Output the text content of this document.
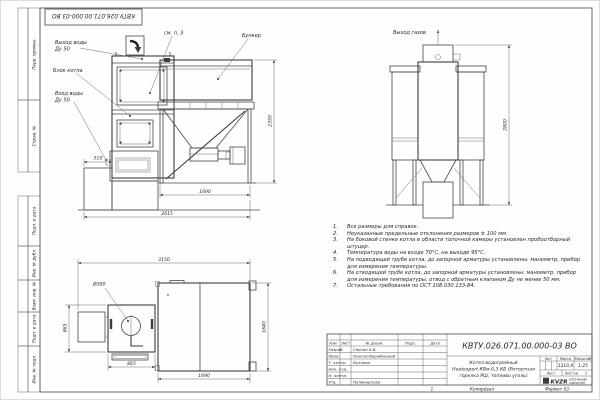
Перв. примен.
Справ. №
Подп. и дата
Инв. № дубл.
Взам. инв. №
Подп. и дата
Инв. № подл.
КВТУ.026.071.00.000-03 ВО
КВТУ.026.071.00.000-03 ВО
Котел водогрейный
Heatexpert-КВм-0,3 КБ (Ретортная
горелка РШ, топливо уголь)
Изм. Лист	№ докум.	Подп.	Дата
Разраб. Сергин А.В.
Пров.	Онегов-Вержбицкий
Т. контр. Осечкин
Нач. отд.
Н. контр.
Утв.	Поликарпова
Лит. Масса Масштаб
1210,9 1:25
Лист Листов 1
KVZR КОТЕЛЬНЫЙ
ЗАВОД РЭП
1	Копировал	Формат А3
510
1690
2615
2350
Выход воды
Ду 50
Блок котла
Вход воды
Ду 50
см. п. 3	Бункер
2800
Выход газов
3150
Ø300
865
865
1690
1640
Все размеры для справок.
Неуказанные предельные отклонения размеров ± 100 мм.
На боковой стенке котла в области топочной камеры установлен пробоотборный штуцер.
Температура воды на входе 70°С, на выходе 95°С.
На подводящей трубе котла, до запорной арматуры установлены: манометр, прибор для измерения температуры.
На отводящей трубе котла, до запорной арматуры установлены: манометр, прибор для измерения температуры, отвод с обратным клапаном Ду не менее 50 мм.
Остальные требования по ОСТ 108.030.133-84.
